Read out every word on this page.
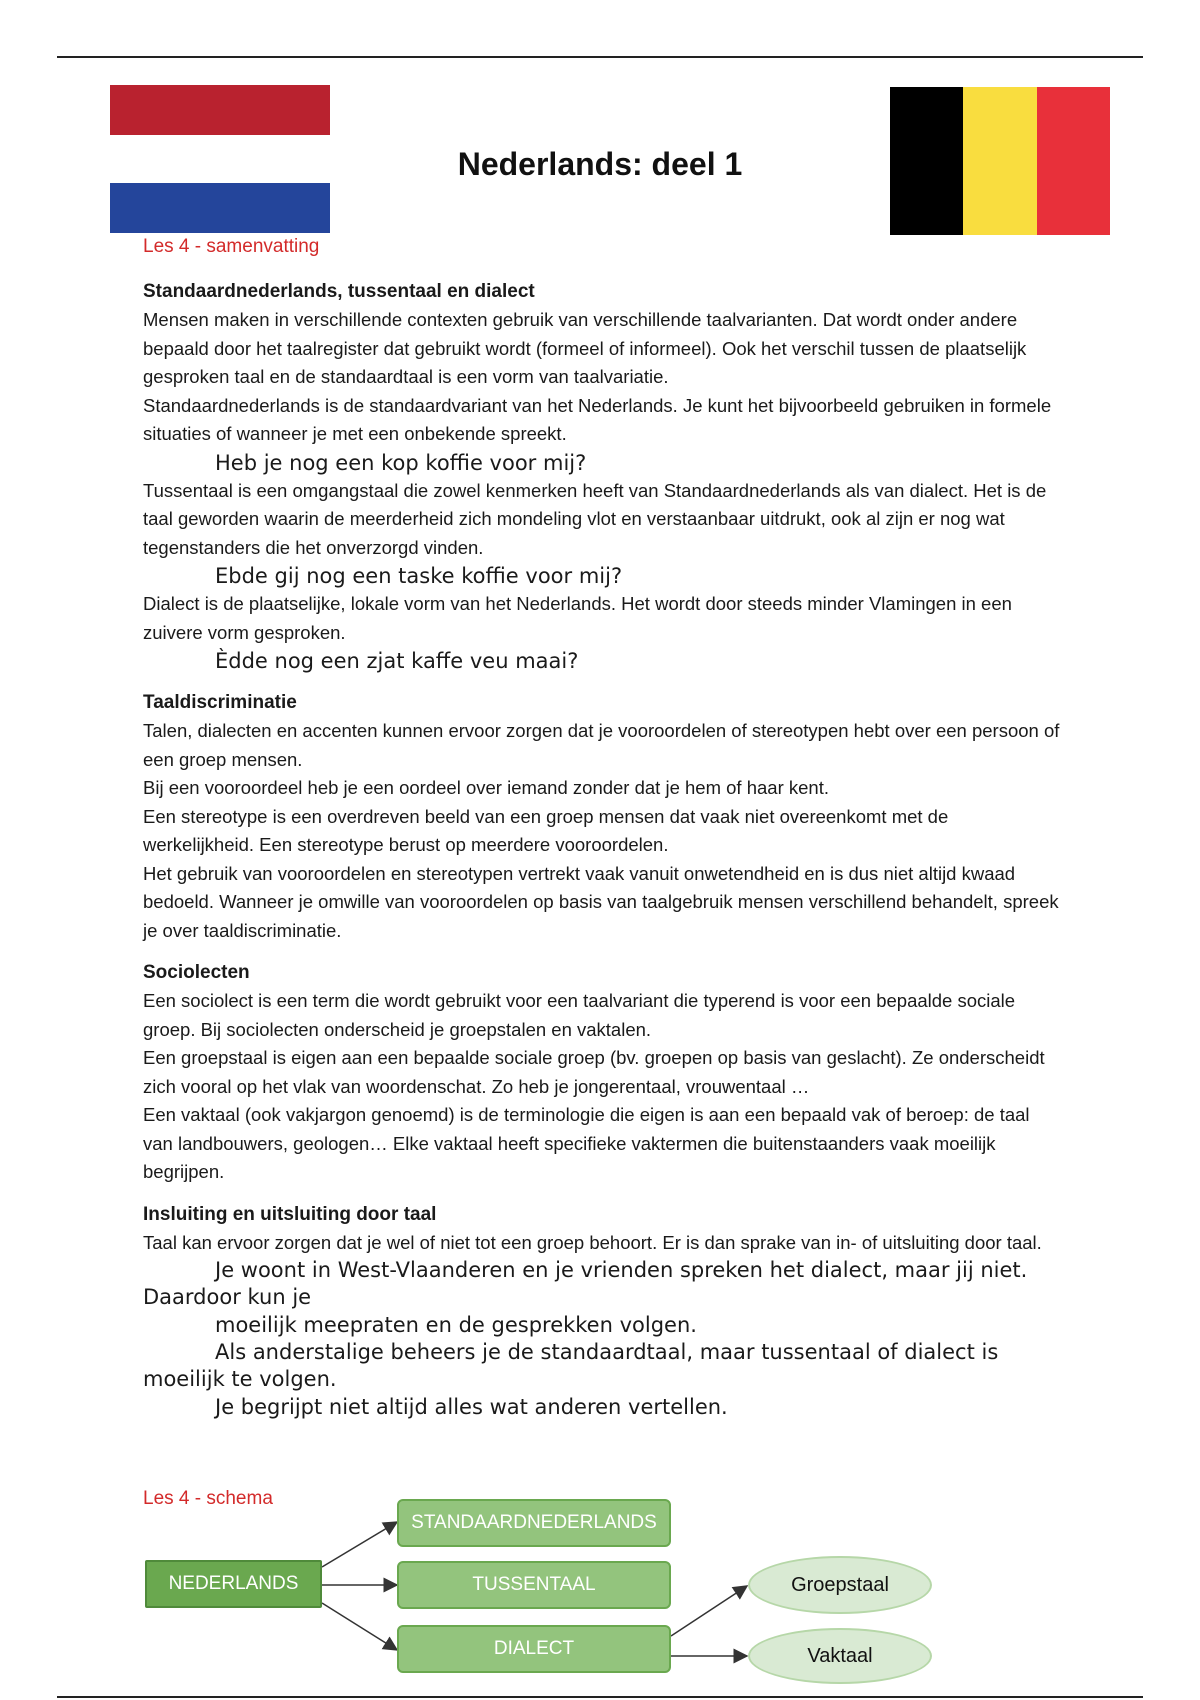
Nederlands: deel 1
Les 4 - samenvatting

Standaardnederlands, tussentaal en dialect

Mensen maken in verschillende contexten gebruik van verschillende taalvarianten. Dat wordt onder andere bepaald door het taalregister dat gebruikt wordt (formeel of informeel). Ook het verschil tussen de plaatselijk gesproken taal en de standaardtaal is een vorm van taalvariatie.

Standaardnederlands is de standaardvariant van het Nederlands. Je kunt het bijvoorbeeld gebruiken in formele situaties of wanneer je met een onbekende spreekt.

Heb je nog een kop koffie voor mij?

Tussentaal is een omgangstaal die zowel kenmerken heeft van Standaardnederlands als van dialect. Het is de taal geworden waarin de meerderheid zich mondeling vlot en verstaanbaar uitdrukt, ook al zijn er nog wat tegenstanders die het onverzorgd vinden.

Ebde gij nog een taske koffie voor mij?

Dialect is de plaatselijke, lokale vorm van het Nederlands. Het wordt door steeds minder Vlamingen in een zuivere vorm gesproken.

Èdde nog een zjat kaffe veu maai?

Taaldiscriminatie

Talen, dialecten en accenten kunnen ervoor zorgen dat je vooroordelen of stereotypen hebt over een persoon of een groep mensen.

Bij een vooroordeel heb je een oordeel over iemand zonder dat je hem of haar kent.

Een stereotype is een overdreven beeld van een groep mensen dat vaak niet overeenkomt met de werkelijkheid. Een stereotype berust op meerdere vooroordelen.

Het gebruik van vooroordelen en stereotypen vertrekt vaak vanuit onwetendheid en is dus niet altijd kwaad bedoeld. Wanneer je omwille van vooroordelen op basis van taalgebruik mensen verschillend behandelt, spreek je over taaldiscriminatie.

Sociolecten

Een sociolect is een term die wordt gebruikt voor een taalvariant die typerend is voor een bepaalde sociale groep. Bij sociolecten onderscheid je groepstalen en vaktalen.

Een groepstaal is eigen aan een bepaalde sociale groep (bv. groepen op basis van geslacht). Ze onderscheidt zich vooral op het vlak van woordenschat. Zo heb je jongerentaal, vrouwentaal …

Een vaktaal (ook vakjargon genoemd) is de terminologie die eigen is aan een bepaald vak of beroep: de taal van landbouwers, geologen… Elke vaktaal heeft specifieke vaktermen die buitenstaanders vaak moeilijk begrijpen.

Insluiting en uitsluiting door taal

Taal kan ervoor zorgen dat je wel of niet tot een groep behoort. Er is dan sprake van in- of uitsluiting door taal.

Je woont in West-Vlaanderen en je vrienden spreken het dialect, maar jij niet. Daardoor kun je

moeilijk meepraten en de gesprekken volgen.

Als anderstalige beheers je de standaardtaal, maar tussentaal of dialect is moeilijk te volgen.

Je begrijpt niet altijd alles wat anderen vertellen.

Les 4 - schema
NEDERLANDS
STANDAARDNEDERLANDS
TUSSENTAAL
DIALECT
Groepstaal
Vaktaal
